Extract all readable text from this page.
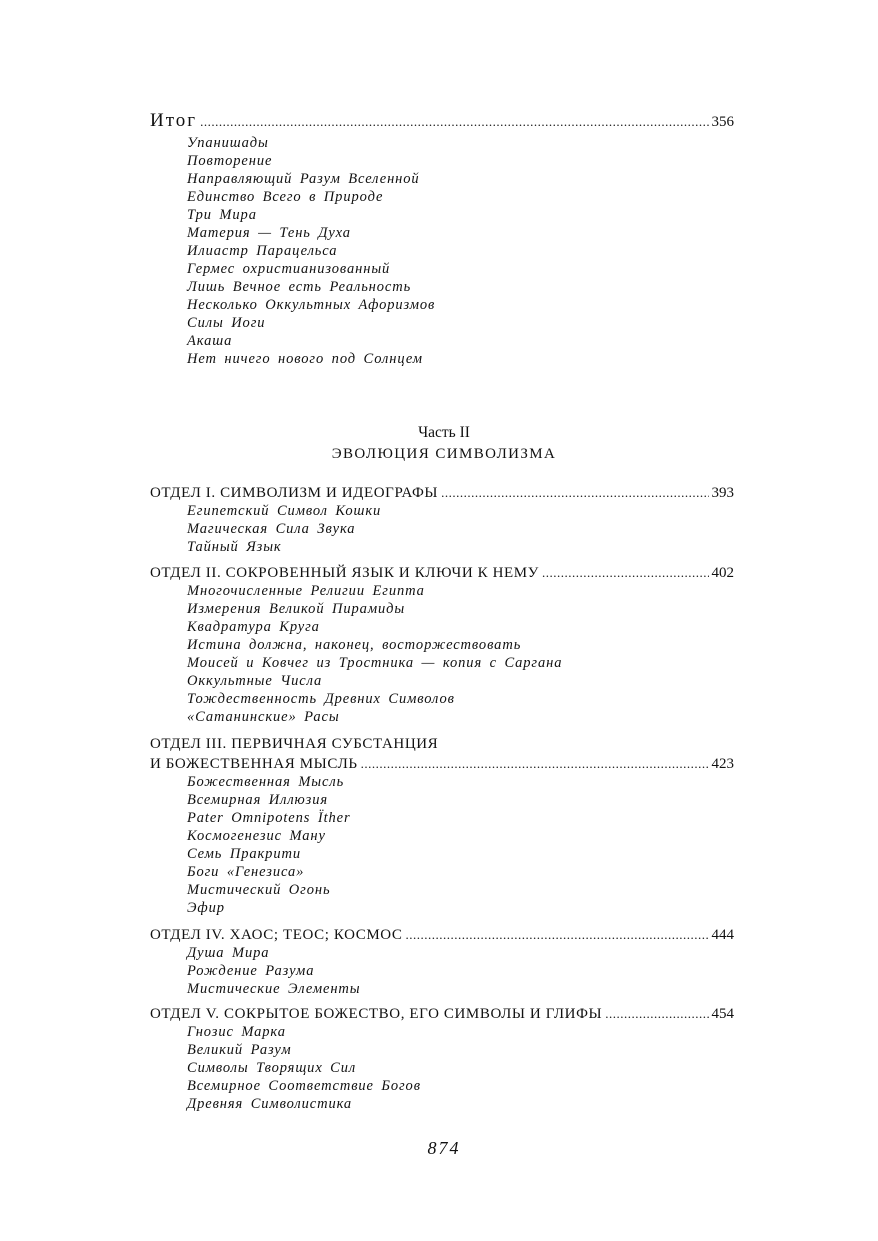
Итог .....	356
Упанишады
Повторение
Направляющий Разум Вселенной
Единство Всего в Природе
Три Мира
Материя — Тень Духа
Илиастр Парацельса
Гермес охристианизованный
Лишь Вечное есть Реальность
Несколько Оккультных Афоризмов
Силы Иоги
Акаша
Нет ничего нового под Солнцем
Часть II
ЭВОЛЮЦИЯ СИМВОЛИЗМА
ОТДЕЛ I. СИМВОЛИЗМ И ИДЕОГРАФЫ .....	393
Египетский Символ Кошки
Магическая Сила Звука
Тайный Язык
ОТДЕЛ II. СОКРОВЕННЫЙ ЯЗЫК И КЛЮЧИ К НЕМУ .....	402
Многочисленные Религии Египта
Измерения Великой Пирамиды
Квадратура Круга
Истина должна, наконец, восторжествовать
Моисей и Ковчег из Тростника — копия с Саргана
Оккультные Числа
Тождественность Древних Символов
«Сатанинские» Расы
ОТДЕЛ III. ПЕРВИЧНАЯ СУБСТАНЦИЯ
И БОЖЕСТВЕННАЯ МЫСЛЬ .....	423
Божественная Мысль
Всемирная Иллюзия
Pater Omnipotens Ïther
Космогенезис Ману
Семь Пракрити
Боги «Генезиса»
Мистический Огонь
Эфир
ОТДЕЛ IV. ХАОС; ТЕОС; КОСМОС .....	444
Душа Мира
Рождение Разума
Мистические Элементы
ОТДЕЛ V. СОКРЫТОЕ БОЖЕСТВО, ЕГО СИМВОЛЫ И ГЛИФЫ .....	454
Гнозис Марка
Великий Разум
Символы Творящих Сил
Всемирное Соответствие Богов
Древняя Символистика
874
